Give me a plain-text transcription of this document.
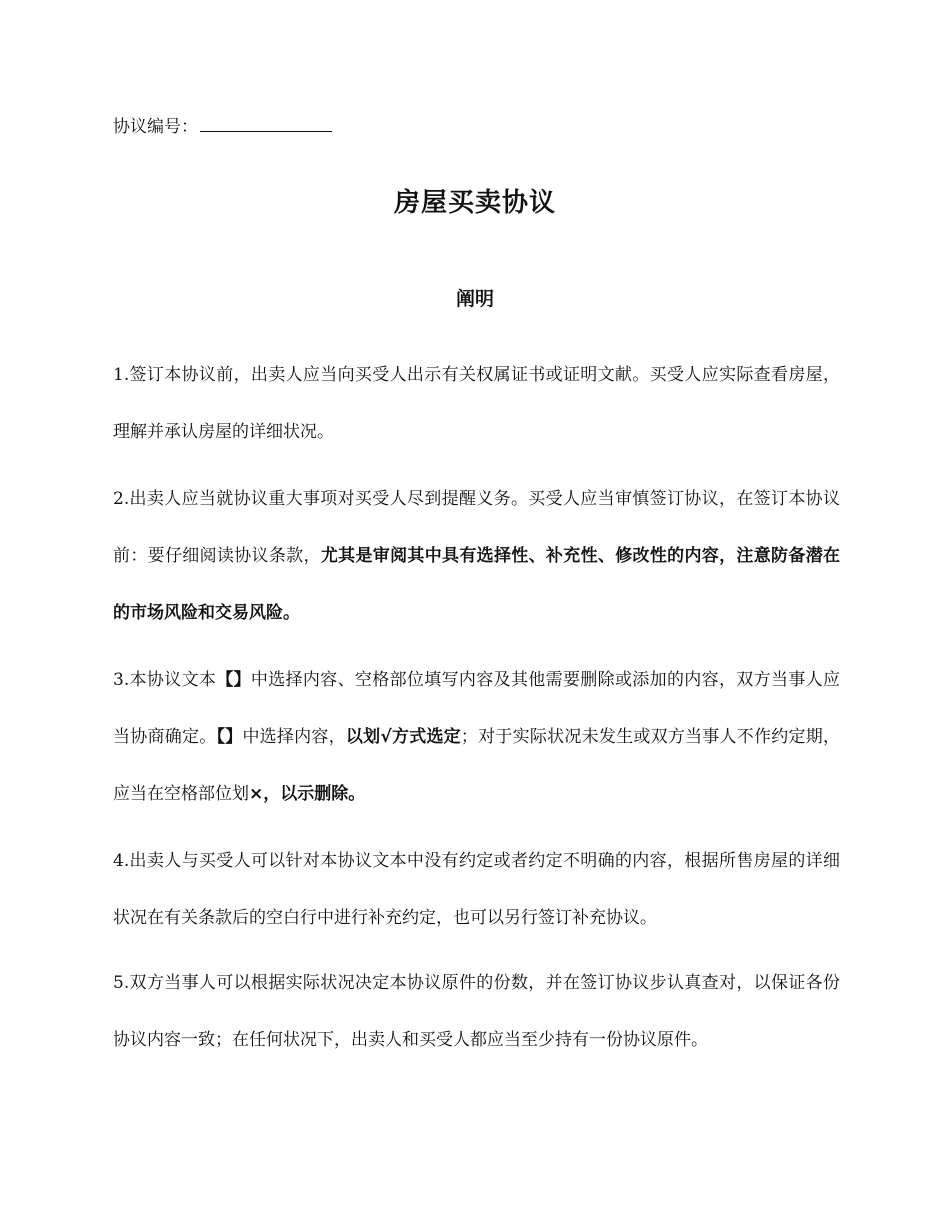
协议编号：
房屋买卖协议
阐明
1.签订本协议前，出卖人应当向买受人出示有关权属证书或证明文献。买受人应实际查看房屋，理解并承认房屋的详细状况。
2.出卖人应当就协议重大事项对买受人尽到提醒义务。买受人应当审慎签订协议，在签订本协议前：要仔细阅读协议条款，尤其是审阅其中具有选择性、补充性、修改性的内容，注意防备潜在的市场风险和交易风险。
3.本协议文本【】中选择内容、空格部位填写内容及其他需要删除或添加的内容，双方当事人应当协商确定。【】中选择内容，以划√方式选定；对于实际状况未发生或双方当事人不作约定期，应当在空格部位划×，以示删除。
4.出卖人与买受人可以针对本协议文本中没有约定或者约定不明确的内容，根据所售房屋的详细状况在有关条款后的空白行中进行补充约定，也可以另行签订补充协议。
5.双方当事人可以根据实际状况决定本协议原件的份数，并在签订协议步认真查对，以保证各份协议内容一致；在任何状况下，出卖人和买受人都应当至少持有一份协议原件。
